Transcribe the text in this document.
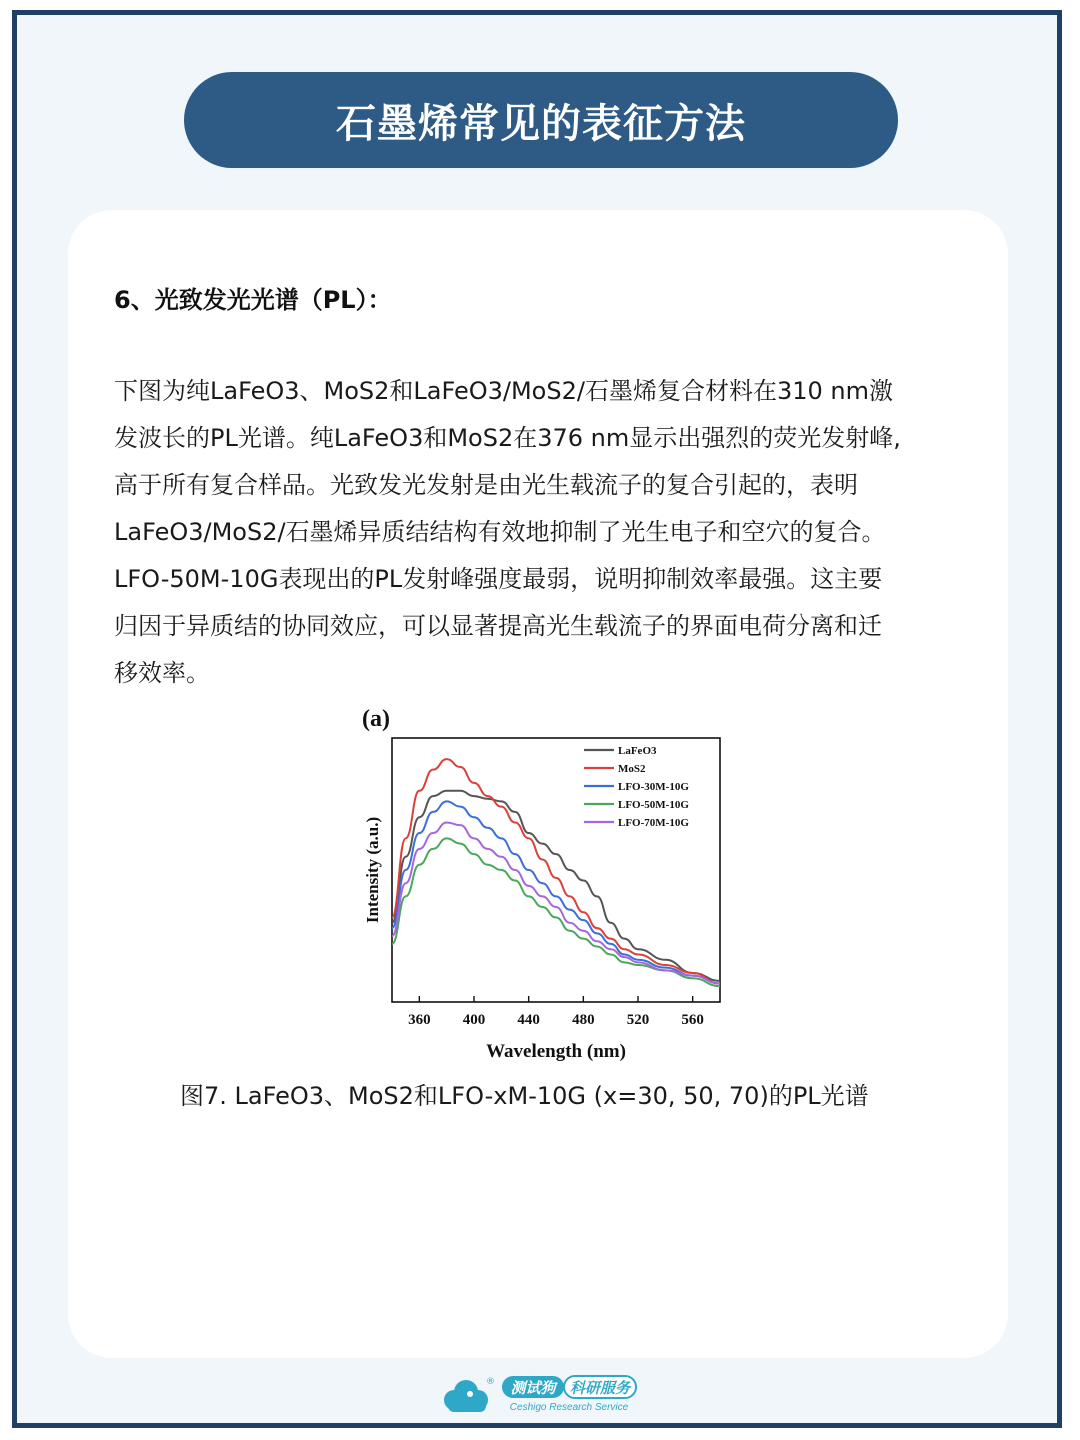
石墨烯常见的表征方法
6、光致发光光谱（PL）：
下图为纯LaFeO3、MoS2和LaFeO3/MoS2/石墨烯复合材料在310 nm激
发波长的PL光谱。纯LaFeO3和MoS2在376 nm显示出强烈的荧光发射峰,
高于所有复合样品。光致发光发射是由光生载流子的复合引起的，表明
LaFeO3/MoS2/石墨烯异质结结构有效地抑制了光生电子和空穴的复合。
LFO-50M-10G表现出的PL发射峰强度最弱，说明抑制效率最强。这主要
归因于异质结的协同效应，可以显著提高光生载流子的界面电荷分离和迁
移效率。
(a)
360 400 440 480 520 560
LaFeO3
MoS2
LFO-30M-10G
LFO-50M-10G
LFO-70M-10G
Wavelength (nm)
Intensity (a.u.)
图7. LaFeO3、MoS2和LFO-xM-10G (x=30, 50, 70)的PL光谱
® 测试狗 科研服务
Ceshigo Research Service
